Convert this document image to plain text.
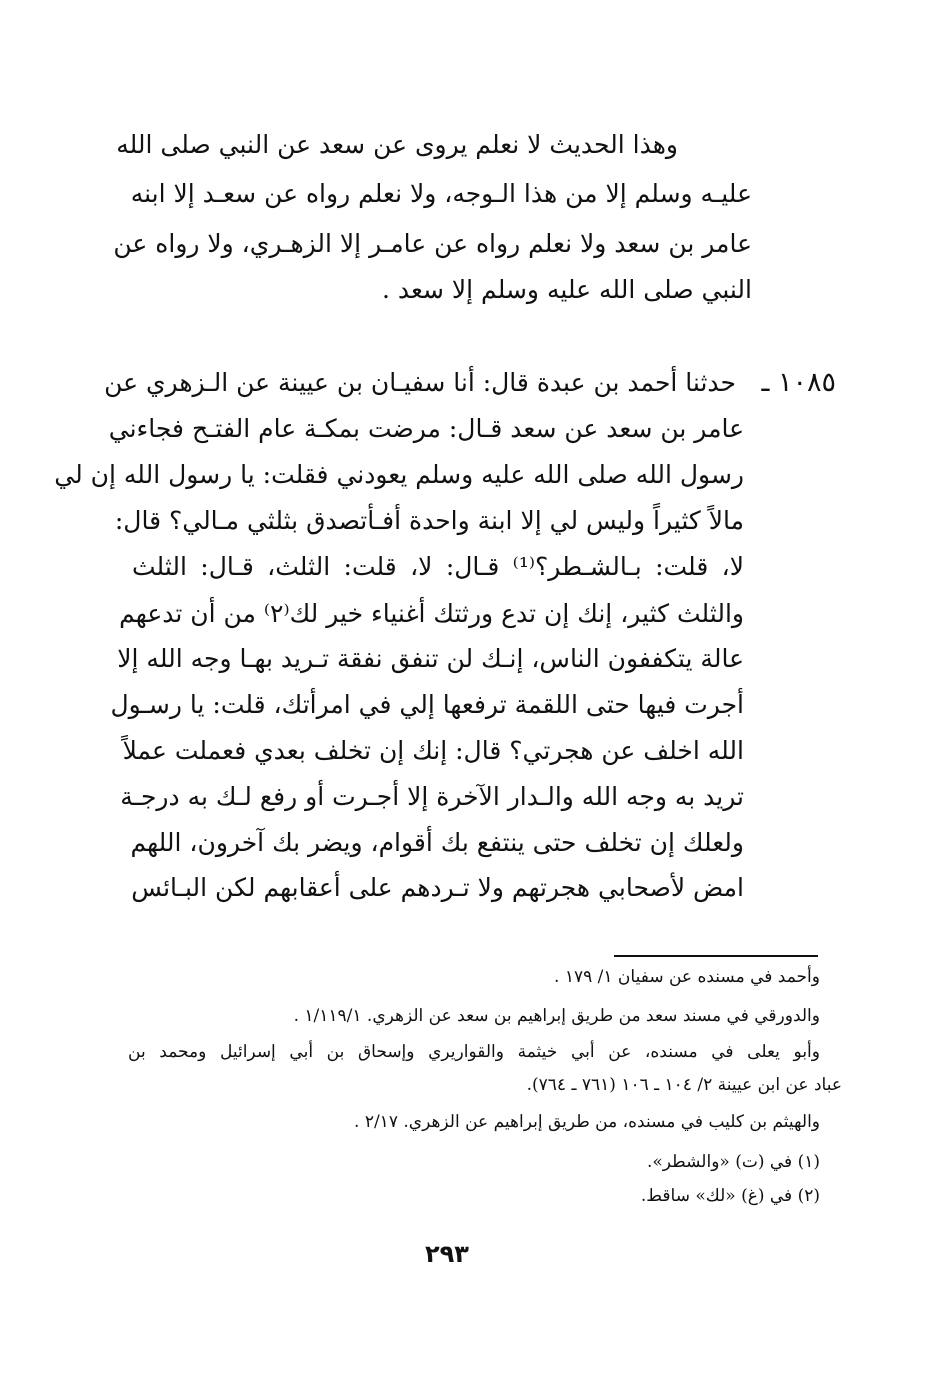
وهذا الحديث لا نعلم يروى عن سعد عن النبي صلى الله
عليـه وسلم إلا من هذا الـوجه، ولا نعلم رواه عن سعـد إلا ابنه
عامر بن سعد ولا نعلم رواه عن عامـر إلا الزهـري، ولا رواه عن
النبي صلى الله عليه وسلم إلا سعد .
١٠٨٥ ـ
حدثنا أحمد بن عبدة قال: أنا سفيـان بن عيينة عن الـزهري عن
عامر بن سعد عن سعد قـال: مرضت بمكـة عام الفتـح فجاءني
رسول الله صلى الله عليه وسلم يعودني فقلت: يا رسول الله إن لي
مالاً كثيراً وليس لي إلا ابنة واحدة أفـأتصدق بثلثي مـالي؟ قال:
لا، قلت: بـالشـطر؟⁽¹⁾ قـال: لا، قلت: الثلث، قـال: الثلث
والثلث كثير، إنك إن تدع ورثتك أغنياء خير لك⁽٢⁾ من أن تدعهم
عالة يتكففون الناس، إنـك لن تنفق نفقة تـريد بهـا وجه الله إلا
أجرت فيها حتى اللقمة ترفعها إلي في امرأتك، قلت: يا رسـول
الله اخلف عن هجرتي؟ قال: إنك إن تخلف بعدي فعملت عملاً
تريد به وجه الله والـدار الآخرة إلا أجـرت أو رفع لـك به درجـة
ولعلك إن تخلف حتى ينتفع بك أقوام، ويضر بك آخرون، اللهم
امض لأصحابي هجرتهم ولا تـردهم على أعقابهم لكن البـائس
وأحمد في مسنده عن سفيان ١/ ١٧٩ .
والدورقي في مسند سعد من طريق إبراهيم بن سعد عن الزهري. ١/١١٩/١ .
وأبو يعلى في مسنده، عن أبي خيثمة والقواريري وإسحاق بن أبي إسرائيل ومحمد بن
عباد عن ابن عيينة ٢/ ١٠٤ ـ ١٠٦ (٧٦١ ـ ٧٦٤).
والهيثم بن كليب في مسنده، من طريق إبراهيم عن الزهري. ٢/١٧ .
(١) في (ت) «والشطر».
(٢) في (غ) «لك» ساقط.
٢٩٣
